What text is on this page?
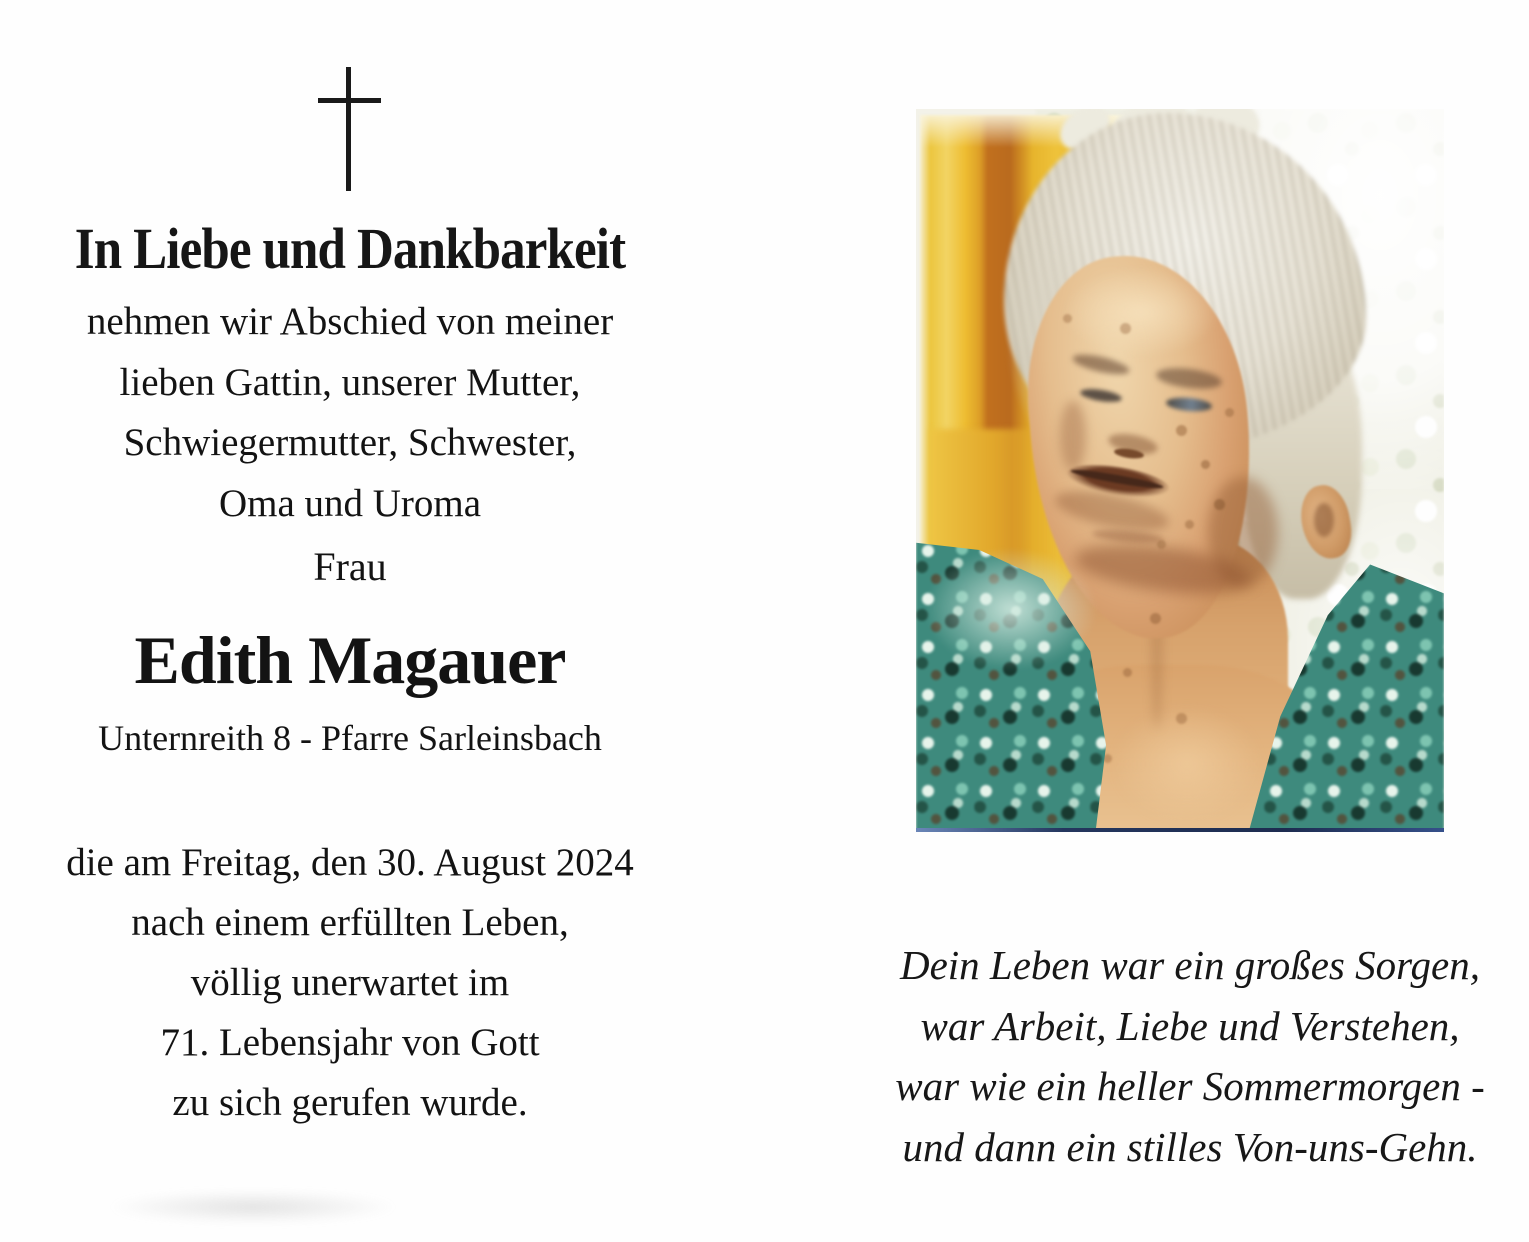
In Liebe und Dankbarkeit
nehmen wir Abschied von meiner
lieben Gattin, unserer Mutter,
Schwiegermutter, Schwester,
Oma und Uroma
Frau
Edith Magauer
Unternreith 8 - Pfarre Sarleinsbach
die am Freitag, den 30. August 2024
nach einem erfüllten Leben,
völlig unerwartet im
71. Lebensjahr von Gott
zu sich gerufen wurde.
Dein Leben war ein großes Sorgen,
war Arbeit, Liebe und Verstehen,
war wie ein heller Sommermorgen -
und dann ein stilles Von-uns-Gehn.
